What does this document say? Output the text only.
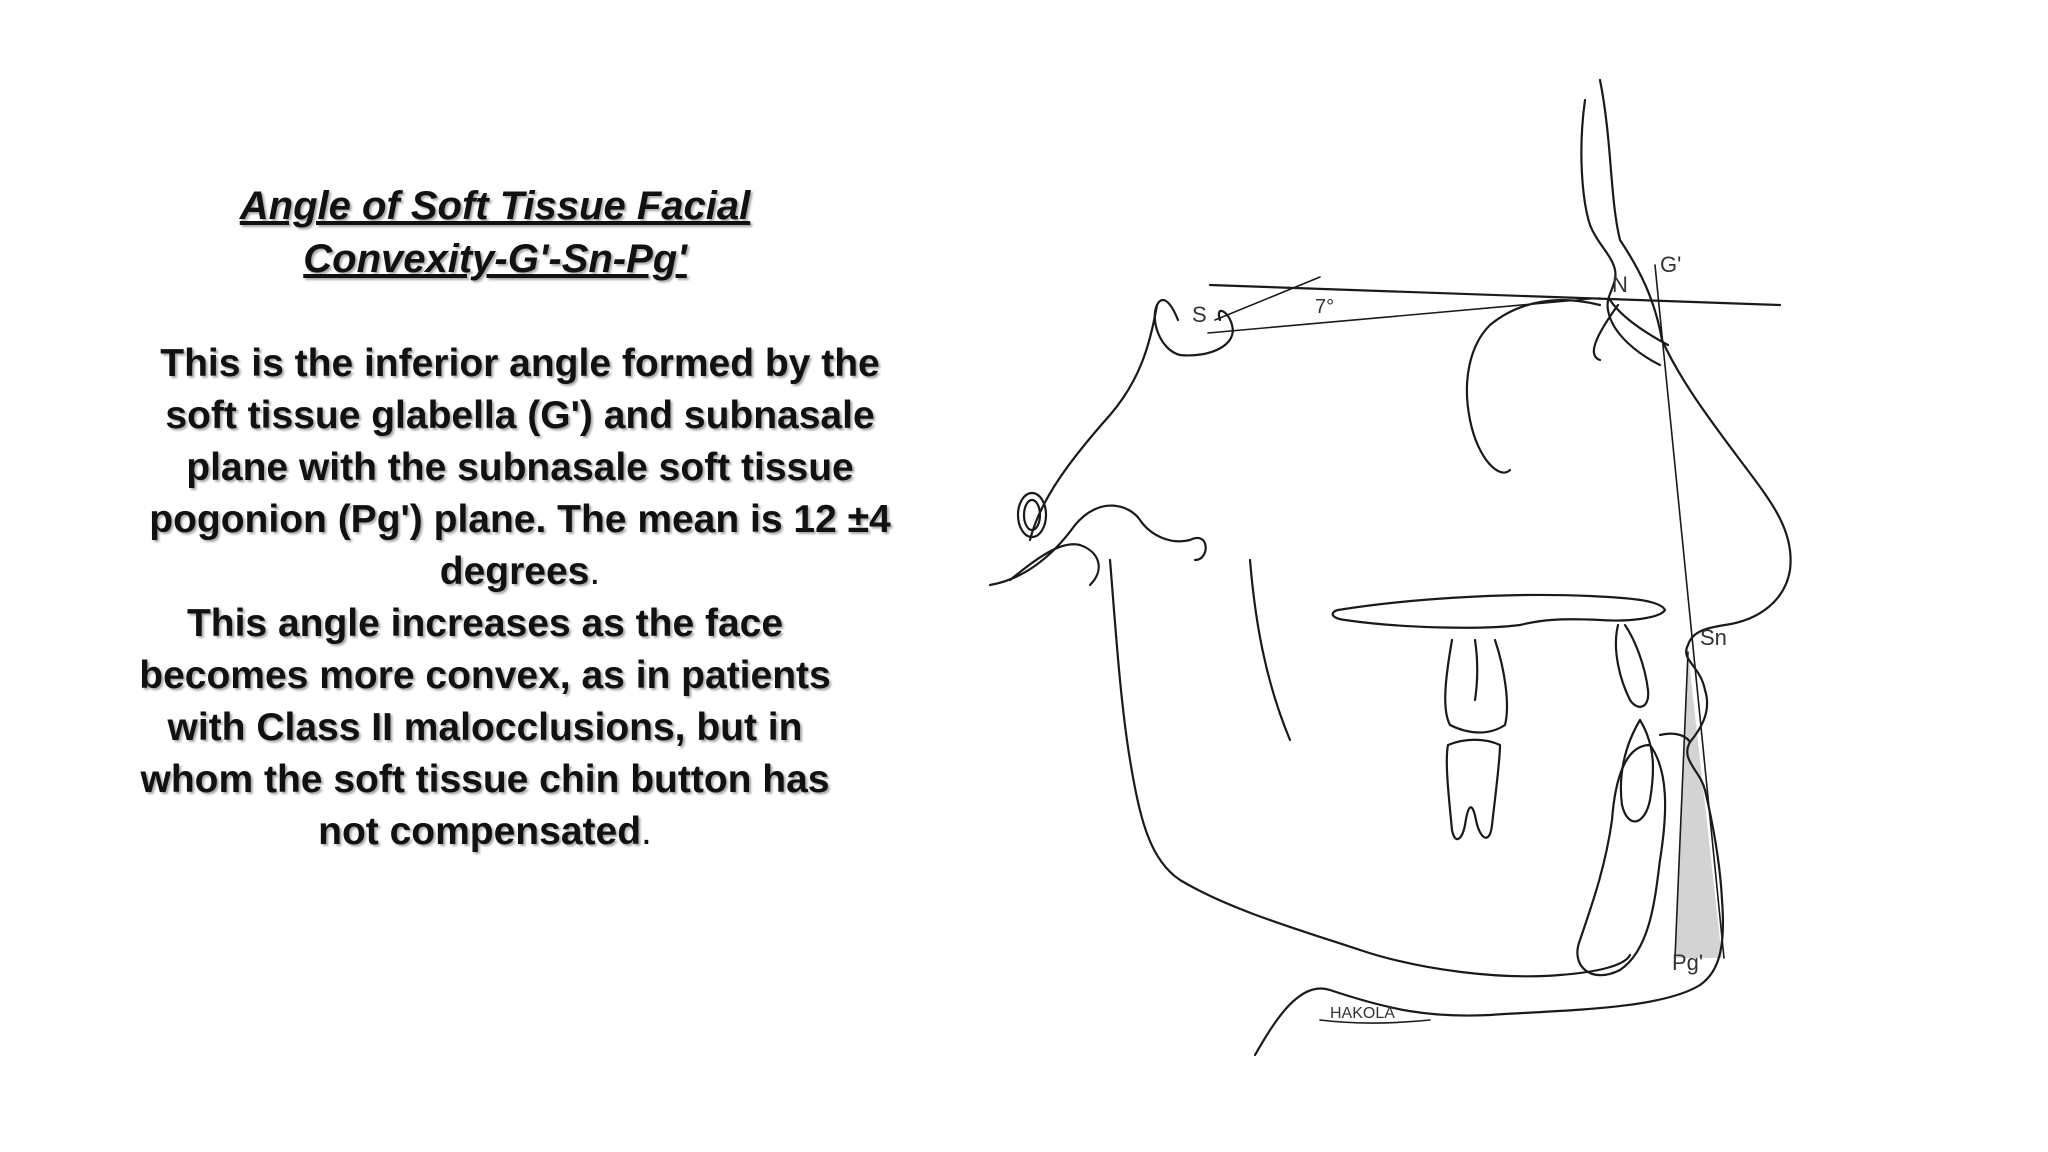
Angle of Soft Tissue Facial Convexity-G'-Sn-Pg'

This is the inferior angle formed by the soft tissue glabella (G') and subnasale plane with the subnasale soft tissue pogonion (Pg') plane. The mean is 12 ±4 degrees.

This angle increases as the face becomes more convex, as in patients with Class II malocclusions, but in whom the soft tissue chin button has not compensated.

S	7°
N
G'
Sn
Pg'
HAKOLA
